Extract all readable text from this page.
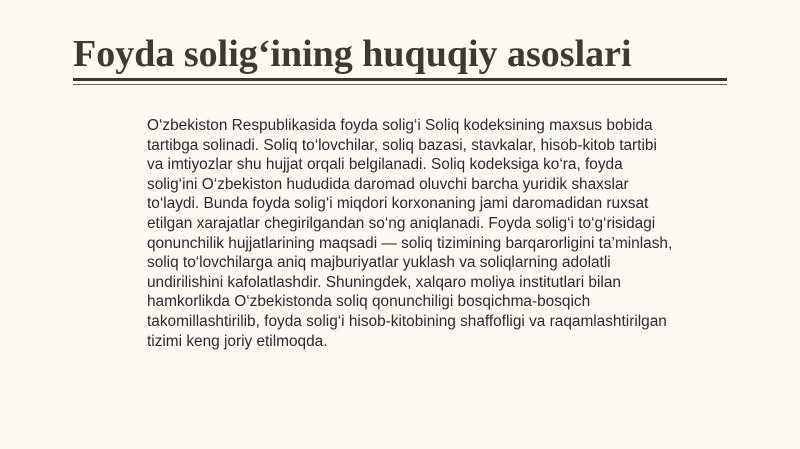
Foyda solig‘ining huquqiy asoslari

O‘zbekiston Respublikasida foyda solig‘i Soliq kodeksining maxsus bobida tartibga solinadi. Soliq to‘lovchilar, soliq bazasi, stavkalar, hisob-kitob tartibi va imtiyozlar shu hujjat orqali belgilanadi. Soliq kodeksiga ko‘ra, foyda solig‘ini O‘zbekiston hududida daromad oluvchi barcha yuridik shaxslar to‘laydi. Bunda foyda solig‘i miqdori korxonaning jami daromadidan ruxsat etilgan xarajatlar chegirilgandan so‘ng aniqlanadi. Foyda solig‘i to‘g‘risidagi qonunchilik hujjatlarining maqsadi — soliq tizimining barqarorligini ta’minlash, soliq to‘lovchilarga aniq majburiyatlar yuklash va soliqlarning adolatli undirilishini kafolatlashdir. Shuningdek, xalqaro moliya institutlari bilan hamkorlikda O‘zbekistonda soliq qonunchiligi bosqichma-bosqich takomillashtirilib, foyda solig‘i hisob-kitobining shaffofligi va raqamlashtirilgan tizimi keng joriy etilmoqda.
